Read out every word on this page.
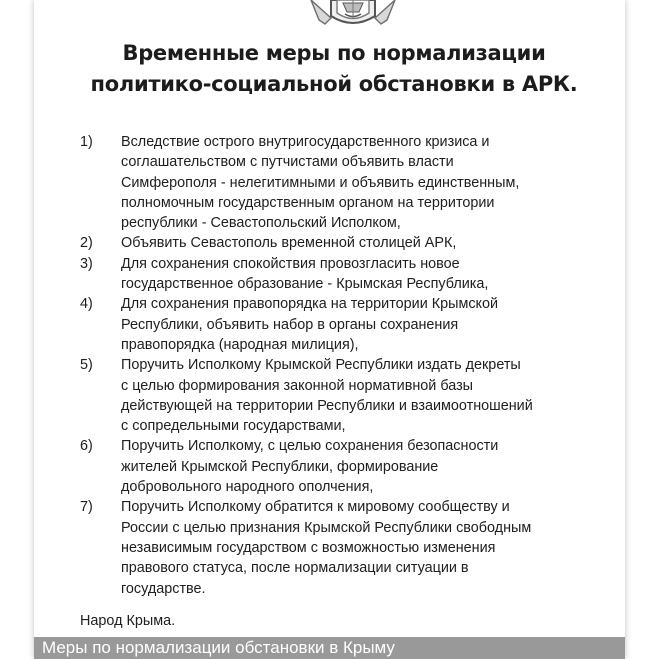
Временные меры по нормализации
политико-социальной обстановки в АРК.
1)	Вследствие острого внутригосударственного кризиса и
соглашательством с путчистами объявить власти
Симферополя - нелегитимными и объявить единственным,
полномочным государственным органом на территории
республики - Севастопольский Исполком,
2)	Объявить Севастополь временной столицей АРК,
3)	Для сохранения спокойствия провозгласить новое
государственное образование - Крымская Республика,
4)	Для сохранения правопорядка на территории Крымской
Республики, объявить набор в органы сохранения
правопорядка (народная милиция),
5)	Поручить Исполкому Крымской Республики издать декреты
с целью формирования законной нормативной базы
действующей на территории Республики и взаимоотношений
с сопредельными государствами,
6)	Поручить Исполкому, с целью сохранения безопасности
жителей Крымской Республики, формирование
добровольного народного ополчения,
7)	Поручить Исполкому обратится к мировому сообществу и
России с целью признания Крымской Республики свободным
независимым государством с возможностью изменения
правового статуса, после нормализации ситуации в
государстве.
Народ Крыма.
Меры по нормализации обстановки в Крыму
